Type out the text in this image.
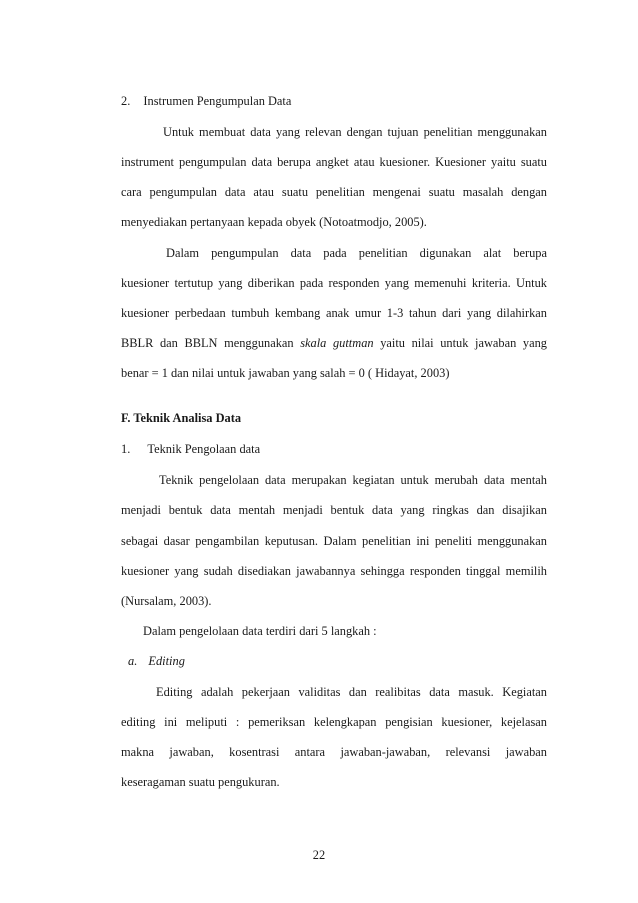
2. Instrumen Pengumpulan Data
Untuk membuat data yang relevan dengan tujuan penelitian menggunakan
instrument pengumpulan data berupa angket atau kuesioner. Kuesioner yaitu suatu
cara pengumpulan data atau suatu penelitian mengenai suatu masalah dengan
menyediakan pertanyaan kepada obyek (Notoatmodjo, 2005).
Dalam pengumpulan data pada penelitian digunakan alat berupa
kuesioner tertutup yang diberikan pada responden yang memenuhi kriteria. Untuk
kuesioner perbedaan tumbuh kembang anak umur 1-3 tahun dari yang dilahirkan
BBLR dan BBLN menggunakan skala guttman yaitu nilai untuk jawaban yang
benar = 1 dan nilai untuk jawaban yang salah = 0 ( Hidayat, 2003)
F. Teknik Analisa Data
1. Teknik Pengolaan data
Teknik pengelolaan data merupakan kegiatan untuk merubah data mentah
menjadi bentuk data mentah menjadi bentuk data yang ringkas dan disajikan
sebagai dasar pengambilan keputusan. Dalam penelitian ini peneliti menggunakan
kuesioner yang sudah disediakan jawabannya sehingga responden tinggal memilih
(Nursalam, 2003).
Dalam pengelolaan data terdiri dari 5 langkah :
a. Editing
Editing adalah pekerjaan validitas dan realibitas data masuk. Kegiatan
editing ini meliputi : pemeriksan kelengkapan pengisian kuesioner, kejelasan
makna jawaban, kosentrasi antara jawaban-jawaban, relevansi jawaban
keseragaman suatu pengukuran.
22
